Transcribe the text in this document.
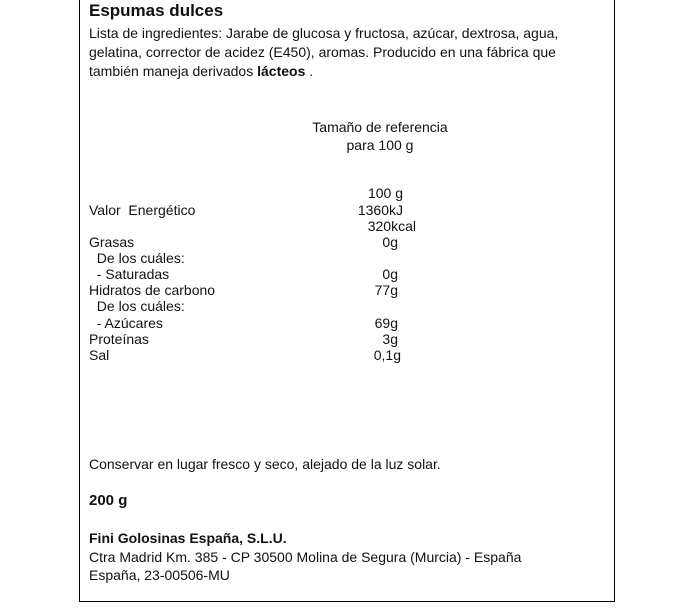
Espumas dulces
Lista de ingredientes: Jarabe de glucosa y fructosa, azúcar, dextrosa, agua, gelatina, corrector de acidez (E450), aromas. Producido en una fábrica que también maneja derivados lácteos .
Tamaño de referencia
para 100 g
100 g
Valor  Energético	1360kJ
320kcal
Grasas	0g
De los cuáles:
- Saturadas	0g
Hidratos de carbono	77g
De los cuáles:
- Azúcares	69g
Proteínas	3g
Sal	0,1g
Conservar en lugar fresco y seco, alejado de la luz solar.
200 g
Fini Golosinas España, S.L.U.
Ctra Madrid Km. 385 - CP 30500 Molina de Segura (Murcia) - España
España, 23-00506-MU
